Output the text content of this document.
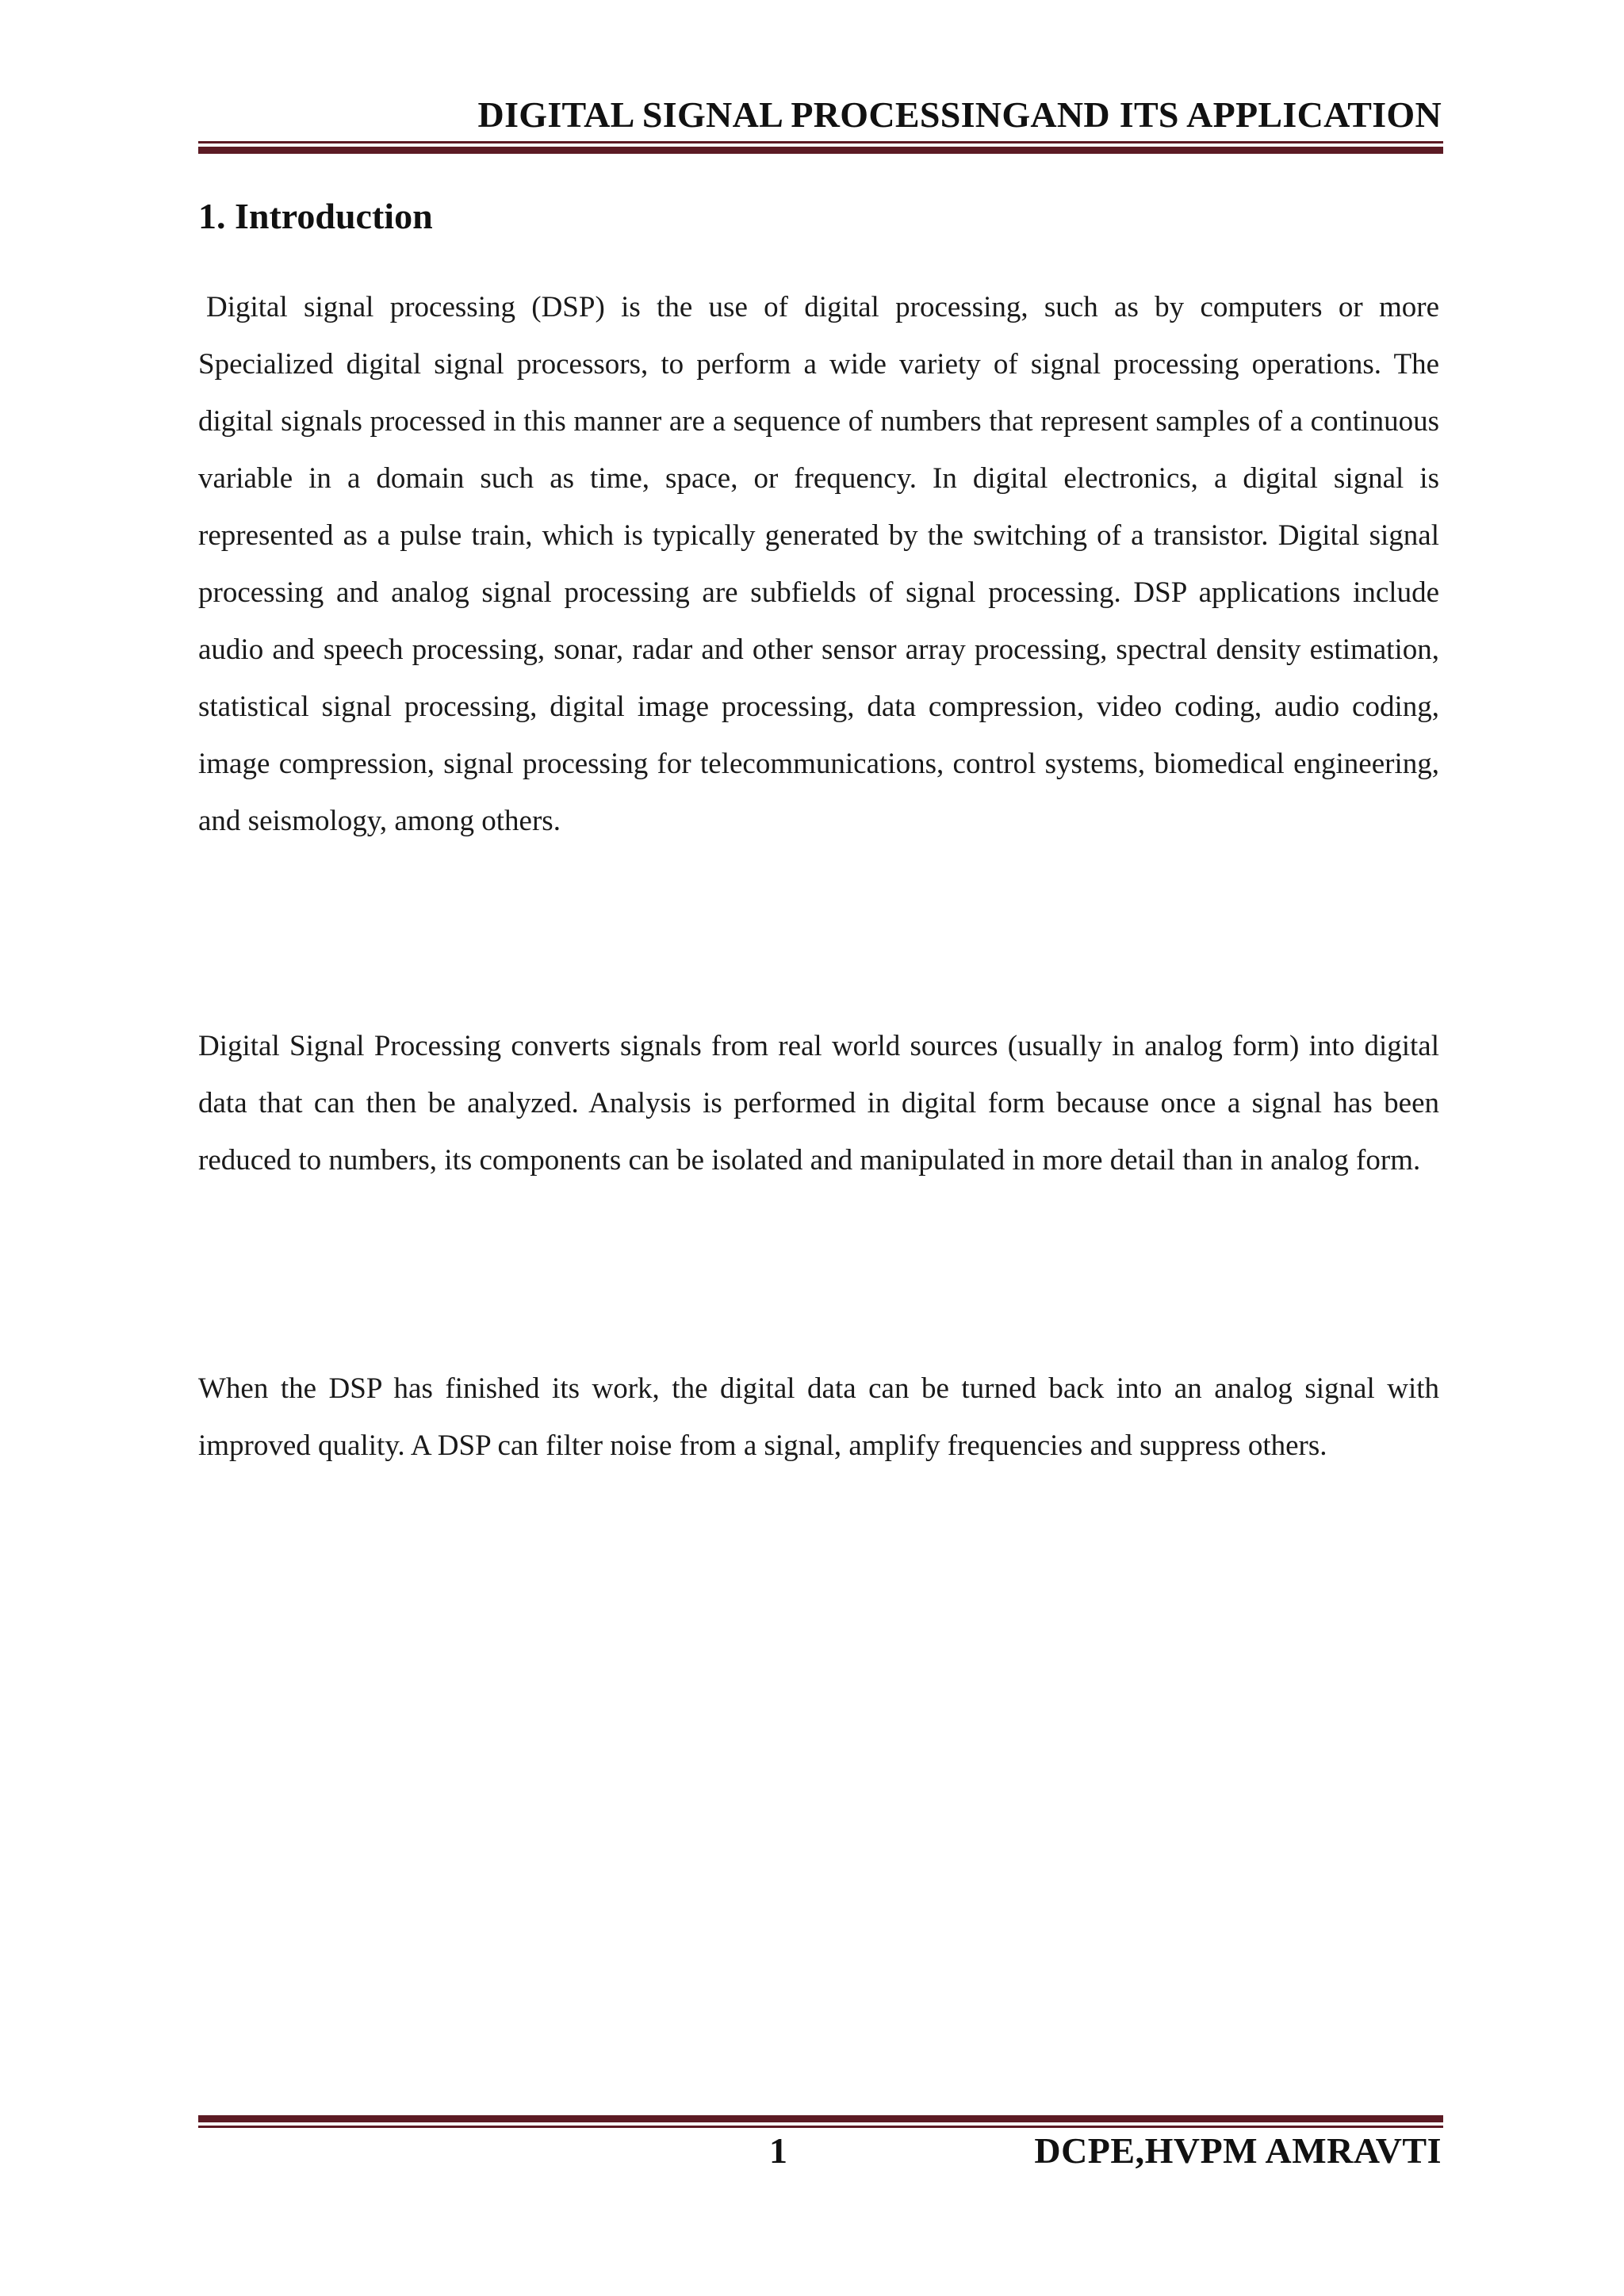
DIGITAL SIGNAL PROCESSINGAND ITS APPLICATION
1. Introduction

Digital signal processing (DSP) is the use of digital processing, such as by computers or more Specialized digital signal processors, to perform a wide variety of signal processing operations. The digital signals processed in this manner are a sequence of numbers that represent samples of a continuous variable in a domain such as time, space, or frequency. In digital electronics, a digital signal is represented as a pulse train, which is typically generated by the switching of a transistor. Digital signal processing and analog signal processing are subfields of signal processing. DSP applications include audio and speech processing, sonar, radar and other sensor array processing, spectral density estimation, statistical signal processing, digital image processing, data compression, video coding, audio coding, image compression, signal processing for telecommunications, control systems, biomedical engineering, and seismology, among others.

Digital Signal Processing converts signals from real world sources (usually in analog form) into digital data that can then be analyzed. Analysis is performed in digital form because once a signal has been reduced to numbers, its components can be isolated and manipulated in more detail than in analog form.

When the DSP has finished its work, the digital data can be turned back into an analog signal with improved quality. A DSP can filter noise from a signal, amplify frequencies and suppress others.

1	DCPE,HVPM AMRAVTI
